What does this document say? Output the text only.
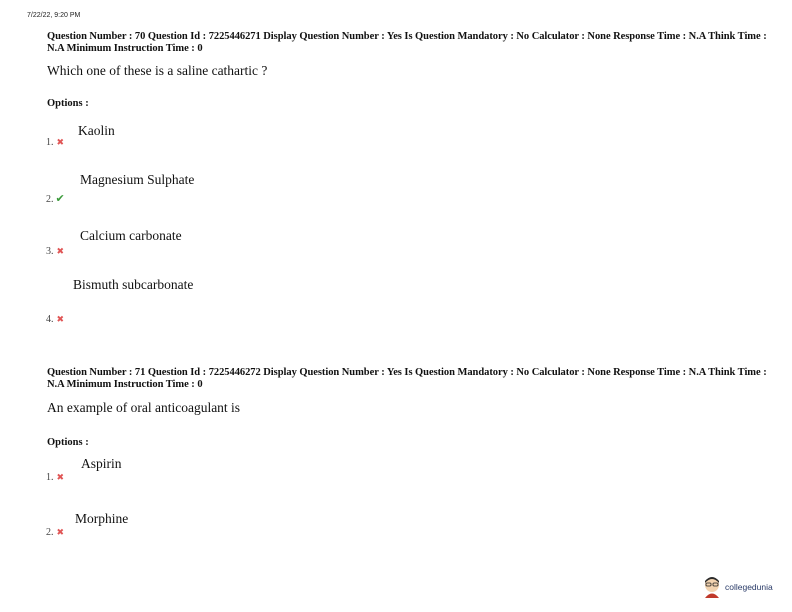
7/22/22, 9:20 PM
Question Number : 70 Question Id : 7225446271 Display Question Number : Yes Is Question Mandatory : No Calculator : None Response Time : N.A Think Time : N.A Minimum Instruction Time : 0
Which one of these is a saline cathartic ?
Options :
Kaolin
1. ✖
Magnesium Sulphate
2. ✔
Calcium carbonate
3. ✖
Bismuth subcarbonate
4. ✖
Question Number : 71 Question Id : 7225446272 Display Question Number : Yes Is Question Mandatory : No Calculator : None Response Time : N.A Think Time : N.A Minimum Instruction Time : 0
An example of oral anticoagulant is
Options :
Aspirin
1. ✖
Morphine
2. ✖
collegedunia
